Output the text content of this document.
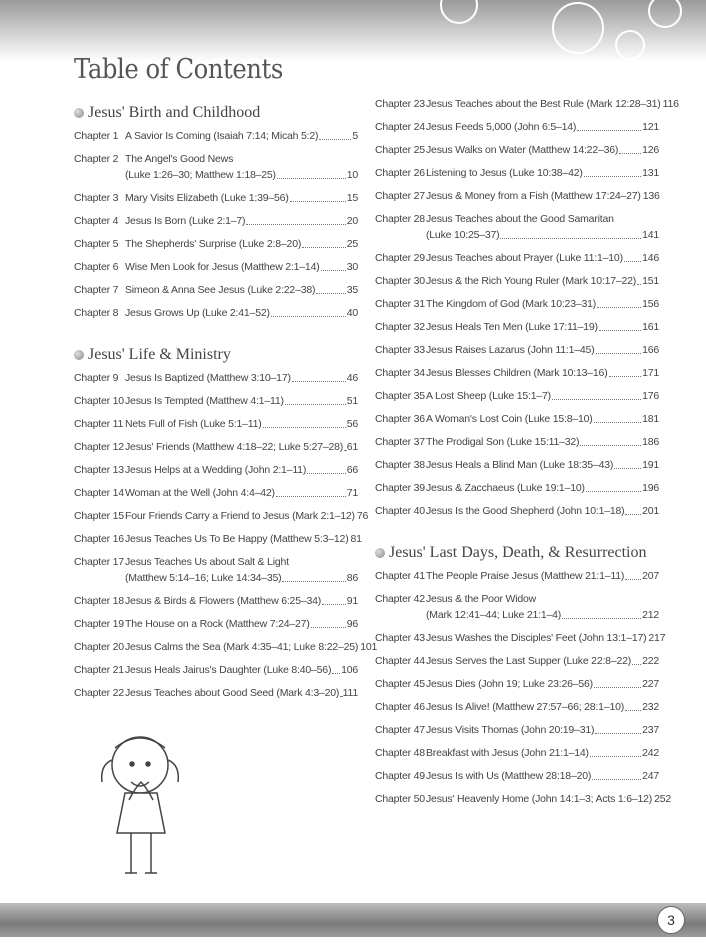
Table of Contents
Jesus' Birth and Childhood
Chapter 1 A Savior Is Coming (Isaiah 7:14; Micah 5:2)	5
Chapter 2 The Angel's Good News
(Luke 1:26–30; Matthew 1:18–25)	10
Chapter 3 Mary Visits Elizabeth (Luke 1:39–56)	15
Chapter 4 Jesus Is Born (Luke 2:1–7)	20
Chapter 5 The Shepherds' Surprise (Luke 2:8–20)	25
Chapter 6 Wise Men Look for Jesus (Matthew 2:1–14)	30
Chapter 7 Simeon & Anna See Jesus (Luke 2:22–38)	35
Chapter 8 Jesus Grows Up (Luke 2:41–52)	40
Jesus' Life & Ministry
Chapter 9 Jesus Is Baptized (Matthew 3:10–17)	46
Chapter 10 Jesus Is Tempted (Matthew 4:1–11)	51
Chapter 11 Nets Full of Fish (Luke 5:1–11)	56
Chapter 12 Jesus' Friends (Matthew 4:18–22; Luke 5:27–28) 61
Chapter 13 Jesus Helps at a Wedding (John 2:1–11)	66
Chapter 14 Woman at the Well (John 4:4–42)	71
Chapter 15 Four Friends Carry a Friend to Jesus (Mark 2:1–12) 76
Chapter 16 Jesus Teaches Us To Be Happy (Matthew 5:3–12) 81
Chapter 17 Jesus Teaches Us about Salt & Light
(Matthew 5:14–16; Luke 14:34–35)	86
Chapter 18 Jesus & Birds & Flowers (Matthew 6:25–34) 91
Chapter 19 The House on a Rock (Matthew 7:24–27)	96
Chapter 20 Jesus Calms the Sea (Mark 4:35–41; Luke 8:22–25) 101
Chapter 21 Jesus Heals Jairus's Daughter (Luke 8:40–56) 106
Chapter 22 Jesus Teaches about Good Seed (Mark 4:3–20) 111
Chapter 23 Jesus Teaches about the Best Rule (Mark 12:28–31) 116
Chapter 24 Jesus Feeds 5,000 (John 6:5–14)	121
Chapter 25 Jesus Walks on Water (Matthew 14:22–36) 126
Chapter 26 Listening to Jesus (Luke 10:38–42)	131
Chapter 27 Jesus & Money from a Fish (Matthew 17:24–27) 136
Chapter 28 Jesus Teaches about the Good Samaritan
(Luke 10:25–37)	141
Chapter 29 Jesus Teaches about Prayer (Luke 11:1–10) 146
Chapter 30 Jesus & the Rich Young Ruler (Mark 10:17–22) 151
Chapter 31 The Kingdom of God (Mark 10:23–31)	156
Chapter 32 Jesus Heals Ten Men (Luke 17:11–19)	161
Chapter 33 Jesus Raises Lazarus (John 11:1–45)	166
Chapter 34 Jesus Blesses Children (Mark 10:13–16)	171
Chapter 35 A Lost Sheep (Luke 15:1–7)	176
Chapter 36 A Woman's Lost Coin (Luke 15:8–10)	181
Chapter 37 The Prodigal Son (Luke 15:11–32)	186
Chapter 38 Jesus Heals a Blind Man (Luke 18:35–43)	191
Chapter 39 Jesus & Zacchaeus (Luke 19:1–10)	196
Chapter 40 Jesus Is the Good Shepherd (John 10:1–18) 201
Jesus' Last Days, Death, & Resurrection
Chapter 41 The People Praise Jesus (Matthew 21:1–11) 207
Chapter 42 Jesus & the Poor Widow
(Mark 12:41–44; Luke 21:1–4)	212
Chapter 43 Jesus Washes the Disciples' Feet (John 13:1–17) 217
Chapter 44 Jesus Serves the Last Supper (Luke 22:8–22) 222
Chapter 45 Jesus Dies (John 19; Luke 23:26–56)	227
Chapter 46 Jesus Is Alive! (Matthew 27:57–66; 28:1–10) 232
Chapter 47 Jesus Visits Thomas (John 20:19–31)	237
Chapter 48 Breakfast with Jesus (John 21:1–14)	242
Chapter 49 Jesus Is with Us (Matthew 28:18–20)	247
Chapter 50 Jesus' Heavenly Home (John 14:1–3; Acts 1:6–12) 252
3
